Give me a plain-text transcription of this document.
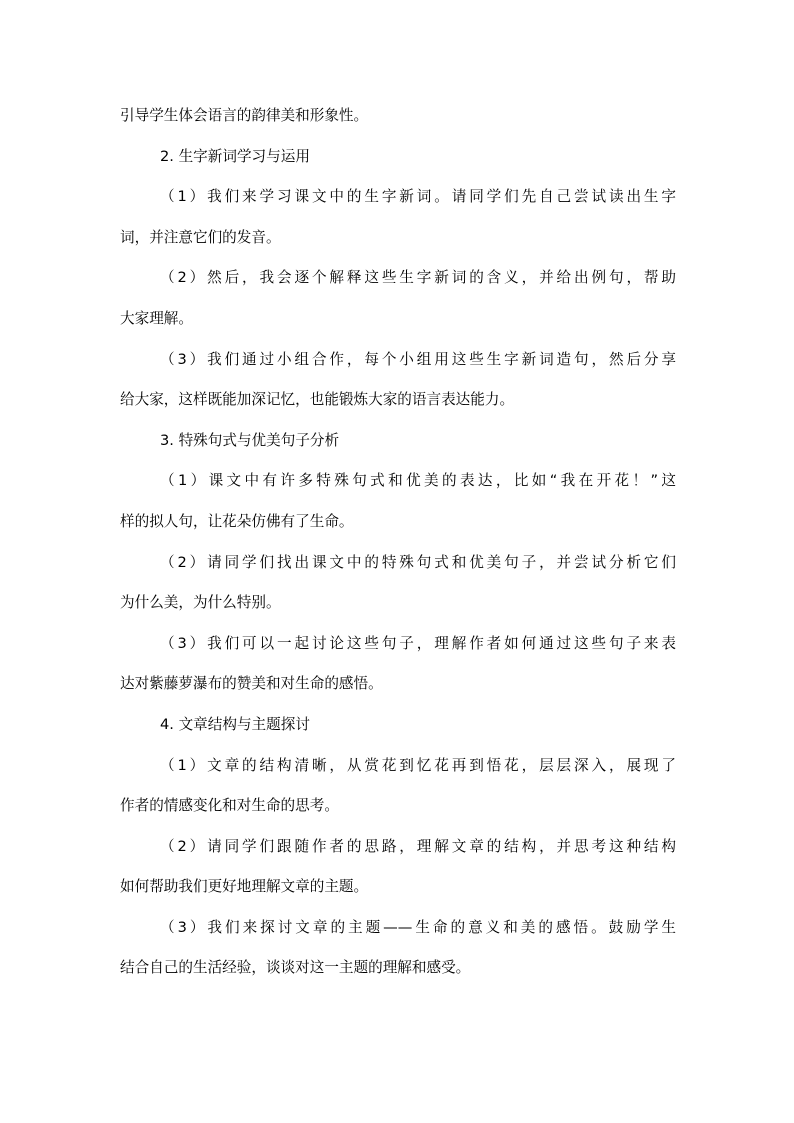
引导学生体会语言的韵律美和形象性。
2. 生字新词学习与运用
（1）我们来学习课文中的生字新词。请同学们先自己尝试读出生字
词，并注意它们的发音。
（2）然后，我会逐个解释这些生字新词的含义，并给出例句，帮助
大家理解。
（3）我们通过小组合作，每个小组用这些生字新词造句，然后分享
给大家，这样既能加深记忆，也能锻炼大家的语言表达能力。
3. 特殊句式与优美句子分析
（1）课文中有许多特殊句式和优美的表达，比如“我在开花！”这
样的拟人句，让花朵仿佛有了生命。
（2）请同学们找出课文中的特殊句式和优美句子，并尝试分析它们
为什么美，为什么特别。
（3）我们可以一起讨论这些句子，理解作者如何通过这些句子来表
达对紫藤萝瀑布的赞美和对生命的感悟。
4. 文章结构与主题探讨
（1）文章的结构清晰，从赏花到忆花再到悟花，层层深入，展现了
作者的情感变化和对生命的思考。
（2）请同学们跟随作者的思路，理解文章的结构，并思考这种结构
如何帮助我们更好地理解文章的主题。
（3）我们来探讨文章的主题——生命的意义和美的感悟。鼓励学生
结合自己的生活经验，谈谈对这一主题的理解和感受。
